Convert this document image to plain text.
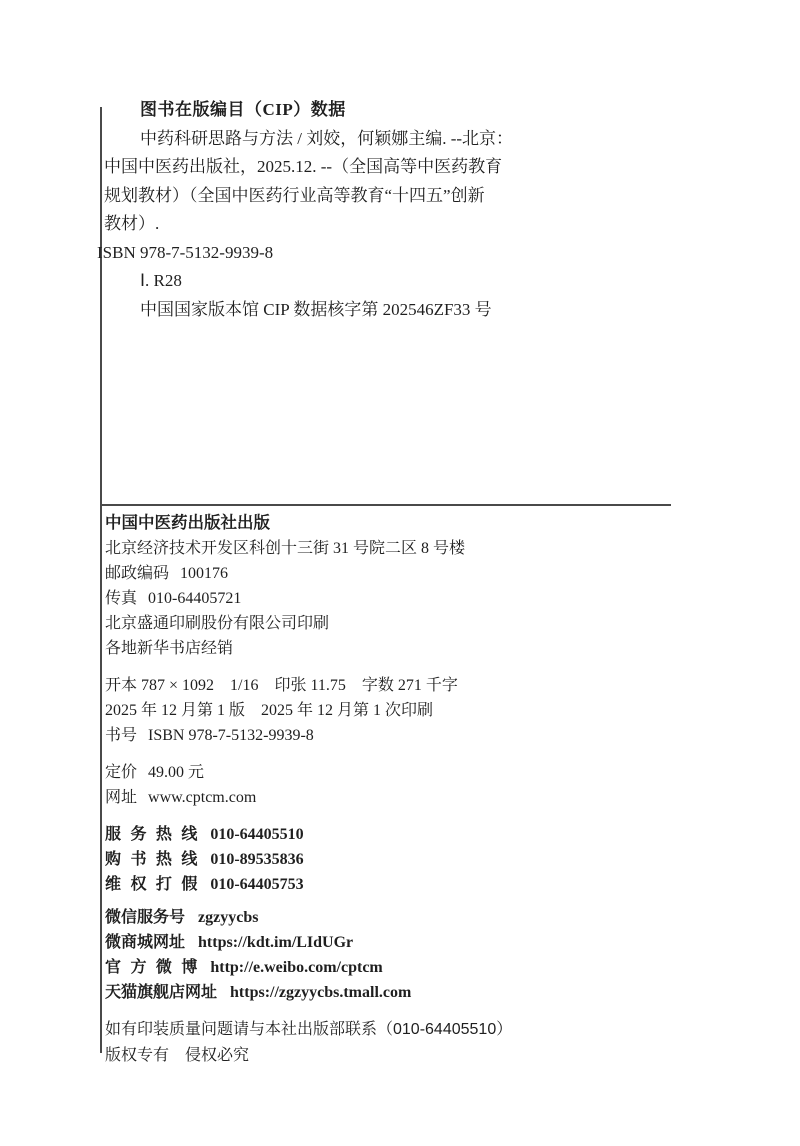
图书在版编目（CIP）数据
中药科研思路与方法 / 刘姣，何颖娜主编. --北京：
中国中医药出版社，2025.12. --（全国高等中医药教育
规划教材）（全国中医药行业高等教育“十四五”创新
教材）.
ISBN 978-7-5132-9939-8
Ⅰ. R28
中国国家版本馆 CIP 数据核字第 202546ZF33 号
中国中医药出版社出版
北京经济技术开发区科创十三街 31 号院二区 8 号楼
邮政编码 100176
传真 010-64405721
北京盛通印刷股份有限公司印刷
各地新华书店经销
开本 787 × 1092　1/16　印张 11.75　字数 271 千字
2025 年 12 月第 1 版　2025 年 12 月第 1 次印刷
书号 ISBN 978-7-5132-9939-8
定价 49.00 元
网址 www.cptcm.com
服 务 热 线 010-64405510
购 书 热 线 010-89535836
维 权 打 假 010-64405753
微信服务号 zgzyycbs
微商城网址 https://kdt.im/LIdUGr
官 方 微 博 http://e.weibo.com/cptcm
天猫旗舰店网址 https://zgzyycbs.tmall.com
如有印装质量问题请与本社出版部联系（010-64405510）
版权专有　侵权必究
